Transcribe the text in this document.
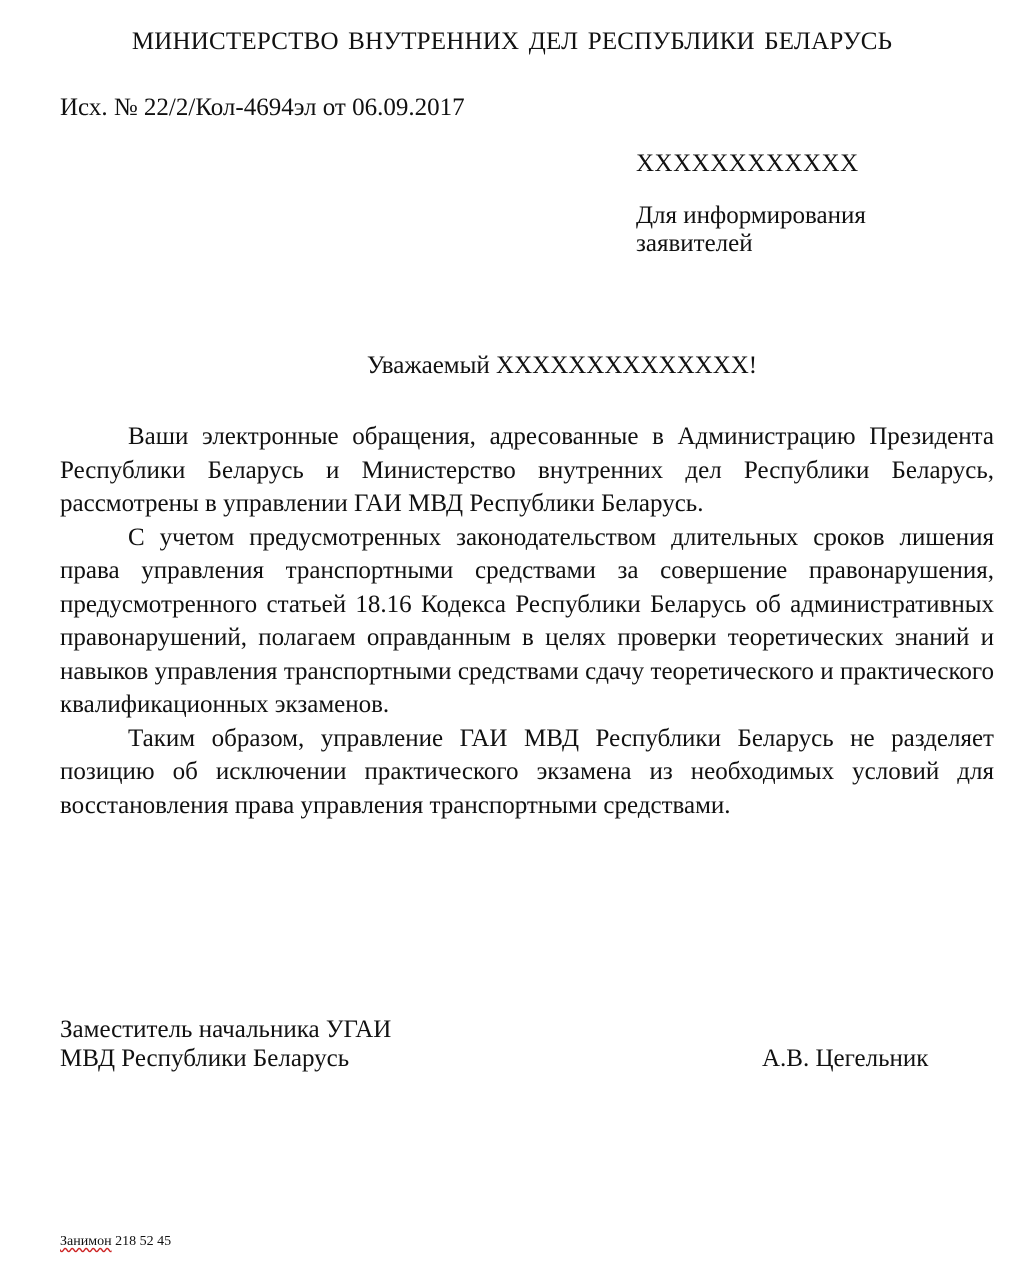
МИНИСТЕРСТВО ВНУТРЕННИХ ДЕЛ РЕСПУБЛИКИ БЕЛАРУСЬ
Исх. № 22/2/Кол-4694эл от 06.09.2017
XXXXXXXXXXXX
Для информирования
заявителей
Уважаемый XXXXXXXXXXXXXX!

Ваши электронные обращения, адресованные в Администрацию Президента Республики Беларусь и Министерство внутренних дел Республики Беларусь, рассмотрены в управлении ГАИ МВД Республики Беларусь.

С учетом предусмотренных законодательством длительных сроков лишения права управления транспортными средствами за совершение правонарушения, предусмотренного статьей 18.16 Кодекса Республики Беларусь об административных правонарушений, полагаем оправданным в целях проверки теоретических знаний и навыков управления транспортными средствами сдачу теоретического и практического квалификационных экзаменов.

Таким образом, управление ГАИ МВД Республики Беларусь не разделяет позицию об исключении практического экзамена из необходимых условий для восстановления права управления транспортными средствами.

Заместитель начальника УГАИ
МВД Республики Беларусь	А.В. Цегельник
Занимон 218 52 45
